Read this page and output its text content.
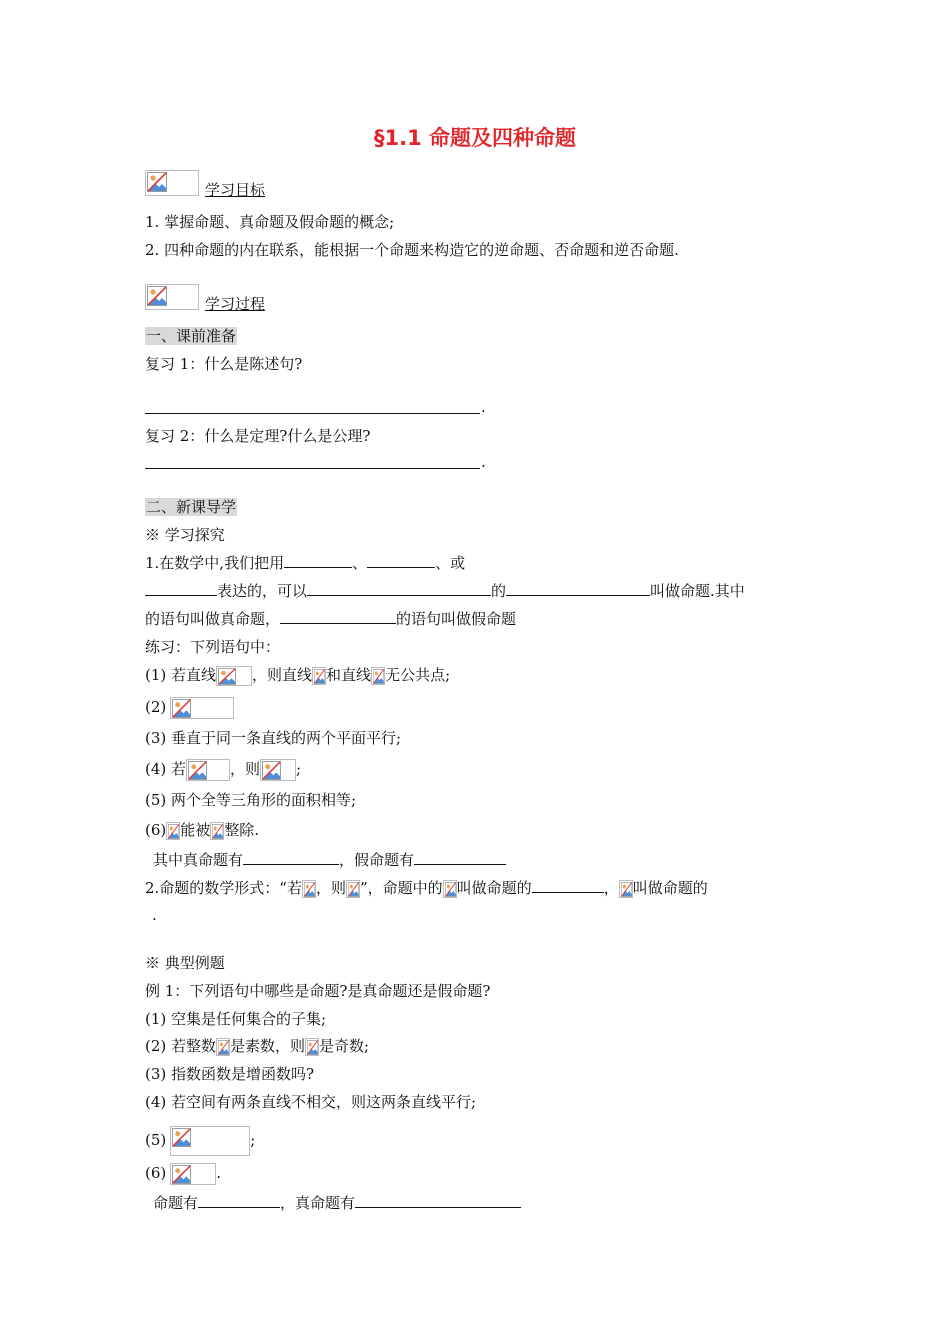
§1.1 命题及四种命题
学习目标
1. 掌握命题、真命题及假命题的概念;
2. 四种命题的内在联系，能根据一个命题来构造它的逆命题、否命题和逆否命题.
学习过程
一、课前准备
复习 1：什么是陈述句?
.
复习 2：什么是定理?什么是公理?
.
二、新课导学
※ 学习探究
1.在数学中,我们把用	、	、或
表达的，可以	的	叫做命题.其中
的语句叫做真命题，	的语句叫做假命题
练习：下列语句中：
(1) 若直线 ，则直线 和直线 无公共点;
(2)
(3) 垂直于同一条直线的两个平面平行;
(4) 若	，则 ;
(5) 两个全等三角形的面积相等;
(6) 能被 整除.
其中真命题有	，假命题有
2.命题的数学形式：“若 ，则 ”，命题中的 叫做命题的	， 叫做命题的
.
※ 典型例题
例 1：下列语句中哪些是命题?是真命题还是假命题?
(1) 空集是任何集合的子集;
(2) 若整数 是素数，则 是奇数;
(3) 指数函数是增函数吗?
(4) 若空间有两条直线不相交，则这两条直线平行;
(5)	;
(6)	.
命题有	，真命题有
